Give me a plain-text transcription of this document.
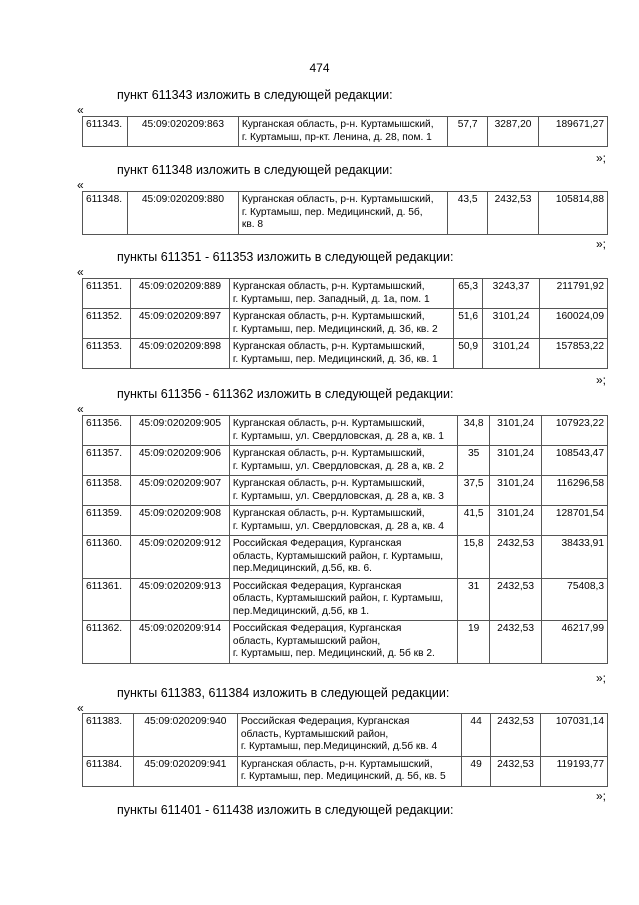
474
пункт 611343 изложить в следующей редакции:
«
611343.	45:09:020209:863	Курганская область, р-н. Куртамышский,
г. Куртамыш, пр-кт. Ленина, д. 28, пом. 1
	57,7	3287,20	189671,27
»;
пункт 611348 изложить в следующей редакции:
«
611348.	45:09:020209:880	Курганская область, р-н. Куртамышский,
г. Куртамыш, пер. Медицинский, д. 5б,
кв. 8
	43,5	2432,53	105814,88
»;
пункты 611351 - 611353 изложить в следующей редакции:
«
611351.	45:09:020209:889	Курганская область, р-н. Куртамышский,
г. Куртамыш, пер. Западный, д. 1а, пом. 1	65,3	3243,37	211791,92
611352.	45:09:020209:897	Курганская область, р-н. Куртамышский,
г. Куртамыш, пер. Медицинский, д. 3б, кв. 2	51,6	3101,24	160024,09
611353.	45:09:020209:898	Курганская область, р-н. Куртамышский,
г. Куртамыш, пер. Медицинский, д. 3б, кв. 1	50,9	3101,24	157853,22
»;
пункты 611356 - 611362 изложить в следующей редакции:
«
611356.	45:09:020209:905	Курганская область, р-н. Куртамышский,
г. Куртамыш, ул. Свердловская, д. 28 а, кв. 1	34,8	3101,24	107923,22
611357.	45:09:020209:906	Курганская область, р-н. Куртамышский,
г. Куртамыш, ул. Свердловская, д. 28 а, кв. 2	35	3101,24	108543,47
611358.	45:09:020209:907	Курганская область, р-н. Куртамышский,
г. Куртамыш, ул. Свердловская, д. 28 а, кв. 3	37,5	3101,24	116296,58
611359.	45:09:020209:908	Курганская область, р-н. Куртамышский,
г. Куртамыш, ул. Свердловская, д. 28 а, кв. 4	41,5	3101,24	128701,54
611360.	45:09:020209:912	Российская Федерация, Курганская
область, Куртамышский район, г. Куртамыш,
пер.Медицинский, д.5б, кв. 6.	15,8	2432,53	38433,91
611361.	45:09:020209:913	Российская Федерация, Курганская
область, Куртамышский район, г. Куртамыш,
пер.Медицинский, д.5б, кв 1.	31	2432,53	75408,3
611362.	45:09:020209:914	Российская Федерация, Курганская
область, Куртамышский район,
г. Куртамыш, пер. Медицинский, д. 5б кв 2.	19	2432,53	46217,99
»;
пункты 611383, 611384 изложить в следующей редакции:
«
611383.	45:09:020209:940	Российская Федерация, Курганская
область, Куртамышский район,
г. Куртамыш, пер.Медицинский, д.5б кв. 4	44	2432,53	107031,14
611384.	45:09:020209:941	Курганская область, р-н. Куртамышский,
г. Куртамыш, пер. Медицинский, д. 5б, кв. 5	49	2432,53	119193,77
»;
пункты 611401 - 611438 изложить в следующей редакции:
